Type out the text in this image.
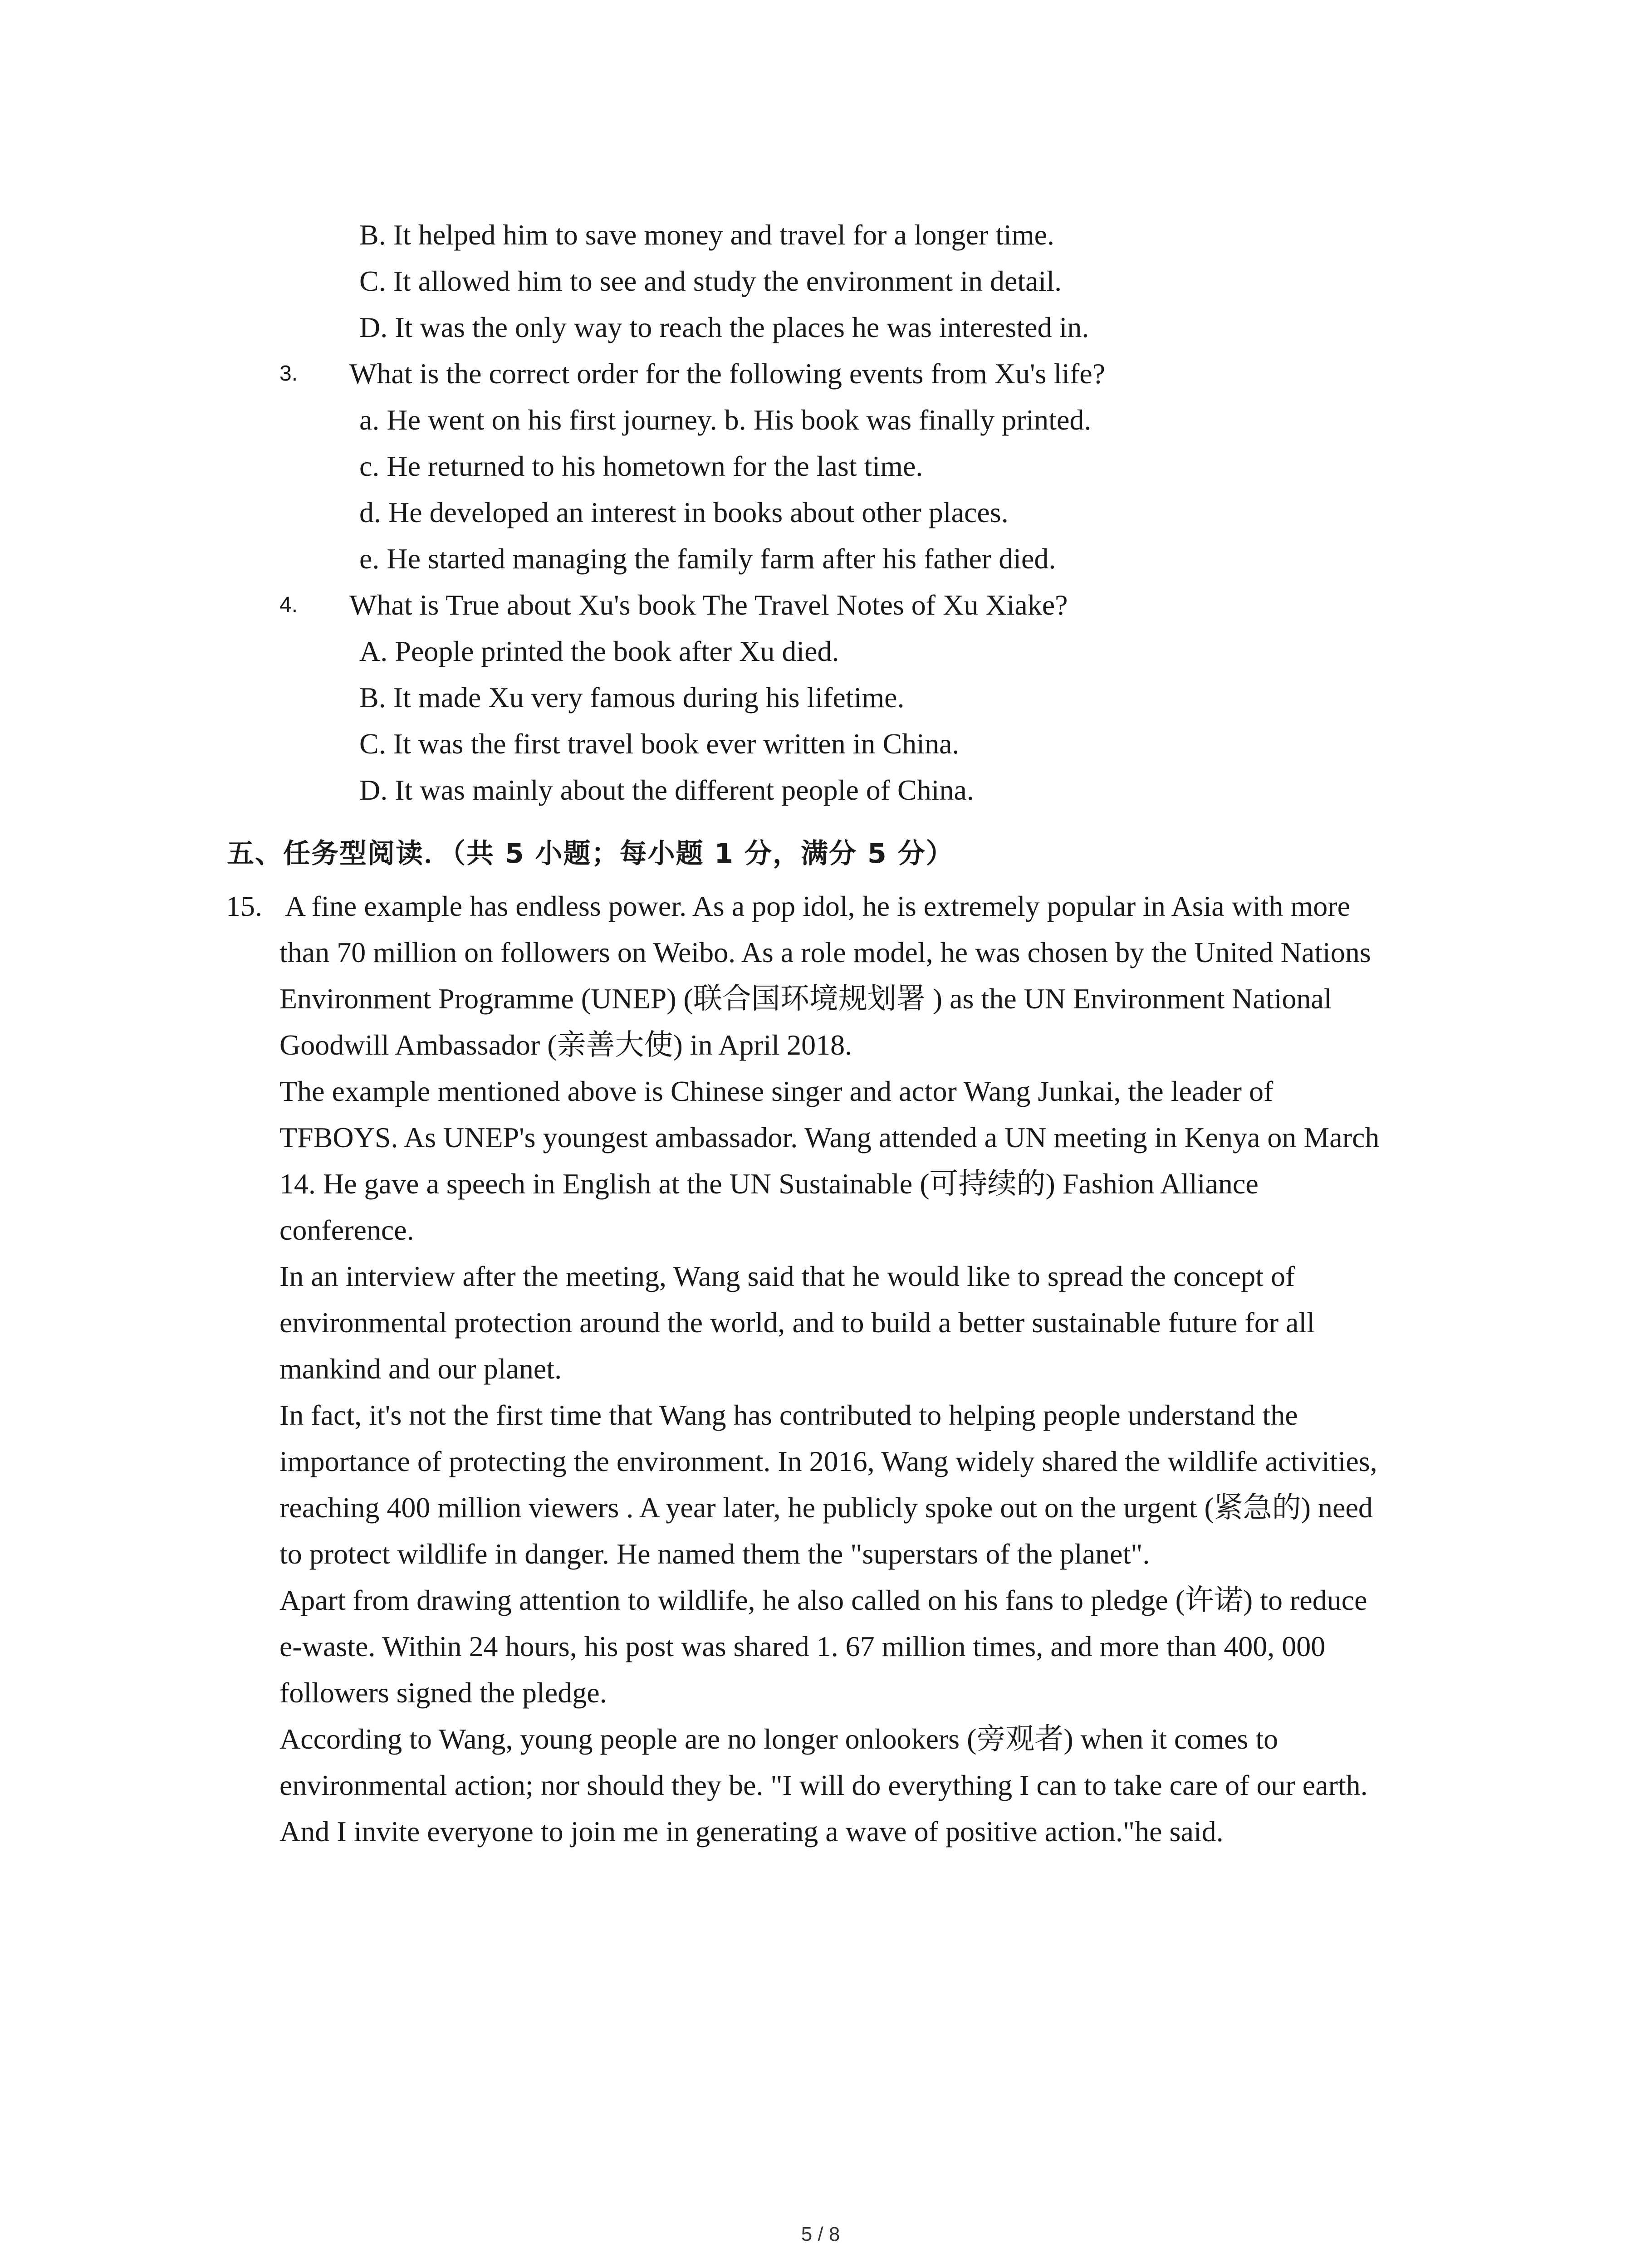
B. It helped him to save money and travel for a longer time.
C. It allowed him to see and study the environment in detail.
D. It was the only way to reach the places he was interested in.
3. What is the correct order for the following events from Xu's life?
a. He went on his first journey. b. His book was finally printed.
c. He returned to his hometown for the last time.
d. He developed an interest in books about other places.
e. He started managing the family farm after his father died.
4. What is True about Xu's book The Travel Notes of Xu Xiake?
A. People printed the book after Xu died.
B. It made Xu very famous during his lifetime.
C. It was the first travel book ever written in China.
D. It was mainly about the different people of China.
五、任务型阅读．（共 5 小题；每小题 1 分，满分 5 分）
15. A fine example has endless power. As a pop idol, he is extremely popular in Asia with more
than 70 million on followers on Weibo. As a role model, he was chosen by the United Nations
Environment Programme (UNEP) (联合国环境规划署 ) as the UN Environment National
Goodwill Ambassador (亲善大使) in April 2018.
The example mentioned above is Chinese singer and actor Wang Junkai, the leader of
TFBOYS. As UNEP's youngest ambassador. Wang attended a UN meeting in Kenya on March
14. He gave a speech in English at the UN Sustainable (可持续的) Fashion Alliance
conference.
In an interview after the meeting, Wang said that he would like to spread the concept of
environmental protection around the world, and to build a better sustainable future for all
mankind and our planet.
In fact, it's not the first time that Wang has contributed to helping people understand the
importance of protecting the environment. In 2016, Wang widely shared the wildlife activities,
reaching 400 million viewers . A year later, he publicly spoke out on the urgent (紧急的) need
to protect wildlife in danger. He named them the "superstars of the planet".
Apart from drawing attention to wildlife, he also called on his fans to pledge (许诺) to reduce
e-waste. Within 24 hours, his post was shared 1. 67 million times, and more than 400, 000
followers signed the pledge.
According to Wang, young people are no longer onlookers (旁观者) when it comes to
environmental action; nor should they be. "I will do everything I can to take care of our earth.
And I invite everyone to join me in generating a wave of positive action."he said.
5 / 8
